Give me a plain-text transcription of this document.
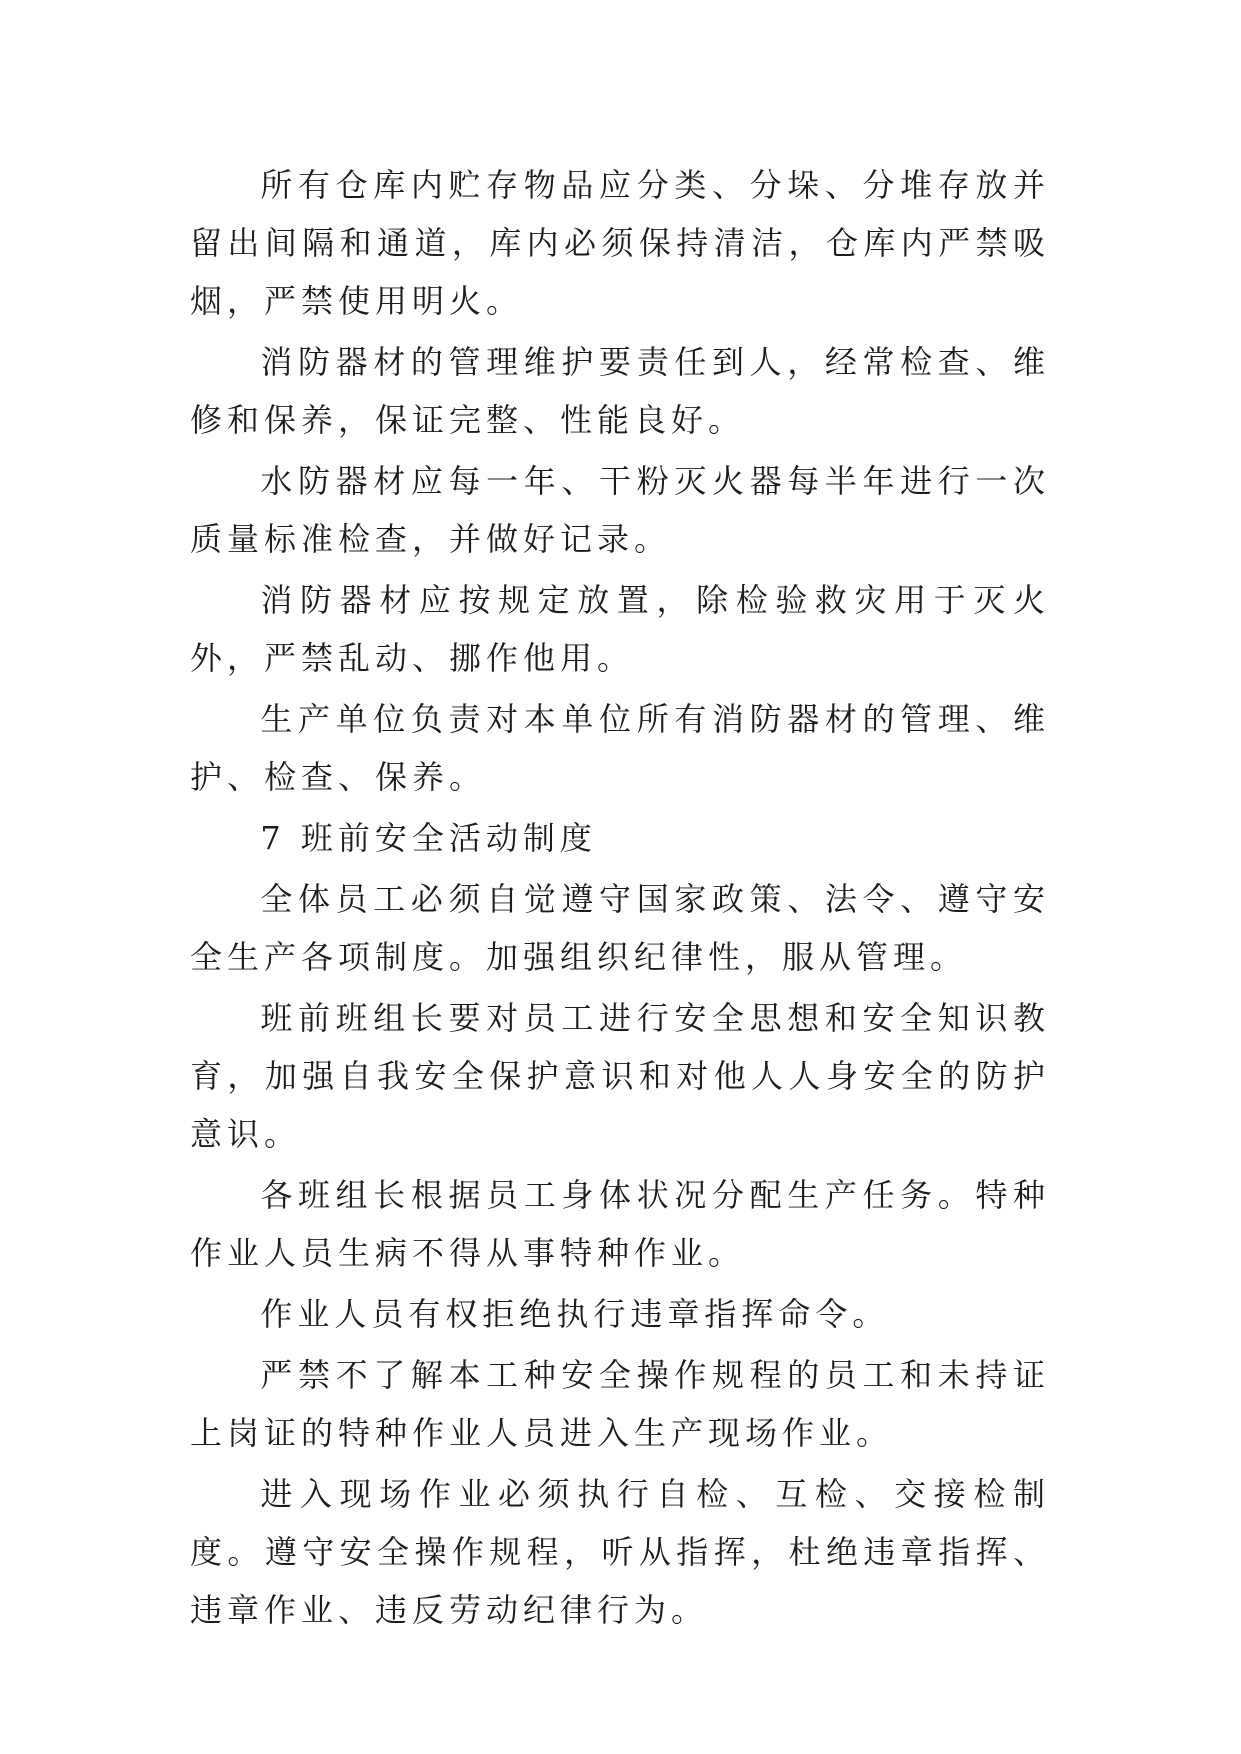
所有仓库内贮存物品应分类、分垛、分堆存放并留出间隔和通道，库内必须保持清洁，仓库内严禁吸烟，严禁使用明火。

消防器材的管理维护要责任到人，经常检查、维修和保养，保证完整、性能良好。

水防器材应每一年、干粉灭火器每半年进行一次质量标准检查，并做好记录。

消防器材应按规定放置，除检验救灾用于灭火外，严禁乱动、挪作他用。

生产单位负责对本单位所有消防器材的管理、维护、检查、保养。

7 班前安全活动制度

全体员工必须自觉遵守国家政策、法令、遵守安全生产各项制度。加强组织纪律性，服从管理。

班前班组长要对员工进行安全思想和安全知识教育，加强自我安全保护意识和对他人人身安全的防护意识。

各班组长根据员工身体状况分配生产任务。特种作业人员生病不得从事特种作业。

作业人员有权拒绝执行违章指挥命令。

严禁不了解本工种安全操作规程的员工和未持证上岗证的特种作业人员进入生产现场作业。

进入现场作业必须执行自检、互检、交接检制度。遵守安全操作规程，听从指挥，杜绝违章指挥、违章作业、违反劳动纪律行为。
